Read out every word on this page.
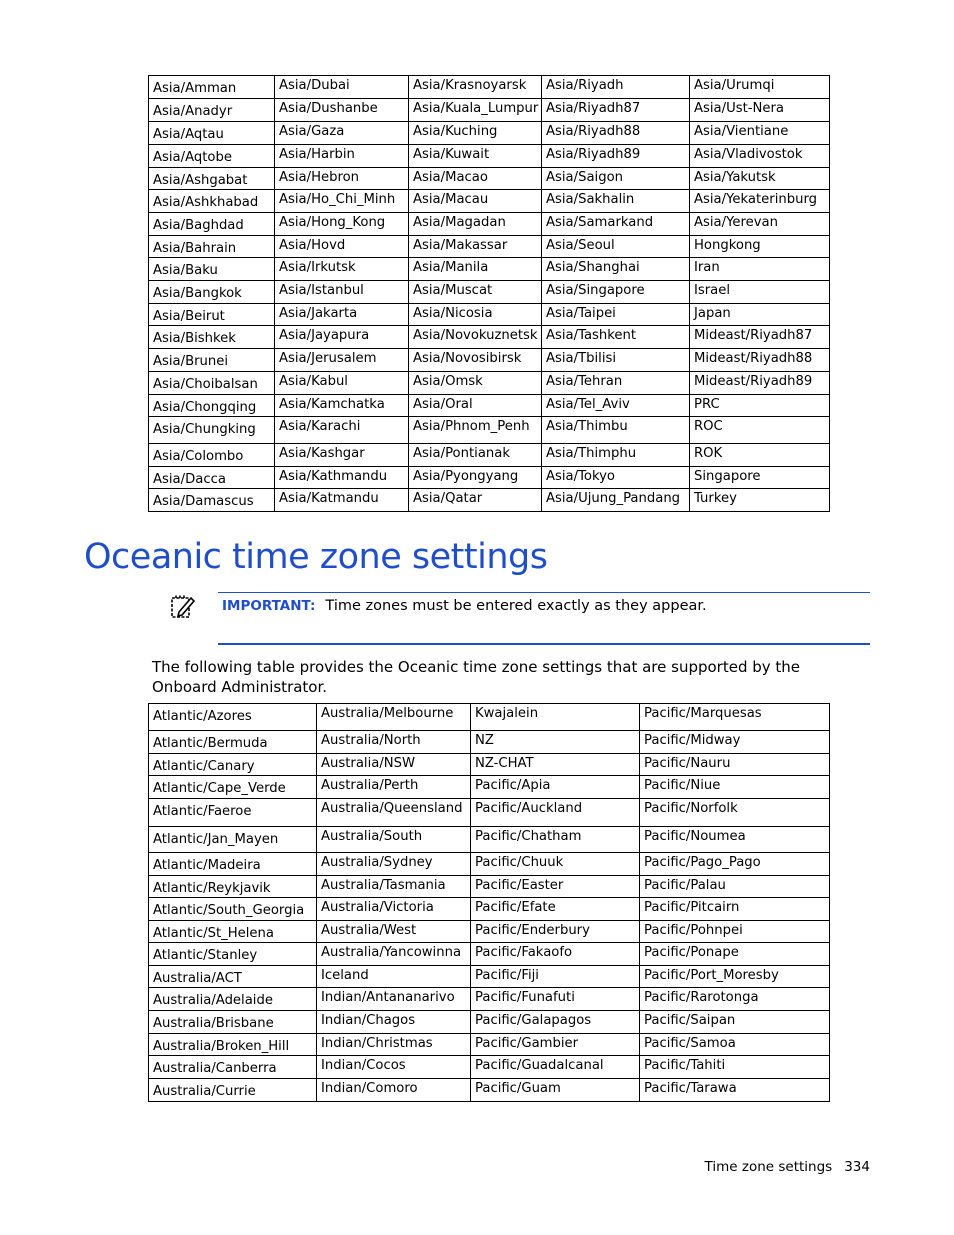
Asia/Amman	Asia/Dubai	Asia/Krasnoyarsk	Asia/Riyadh	Asia/Urumqi

Asia/Anadyr	Asia/Dushanbe	Asia/Kuala_Lumpur	Asia/Riyadh87	Asia/Ust-Nera

Asia/Aqtau	Asia/Gaza	Asia/Kuching	Asia/Riyadh88	Asia/Vientiane

Asia/Aqtobe	Asia/Harbin	Asia/Kuwait	Asia/Riyadh89	Asia/Vladivostok

Asia/Ashgabat	Asia/Hebron	Asia/Macao	Asia/Saigon	Asia/Yakutsk

Asia/Ashkhabad	Asia/Ho_Chi_Minh	Asia/Macau	Asia/Sakhalin	Asia/Yekaterinburg

Asia/Baghdad	Asia/Hong_Kong	Asia/Magadan	Asia/Samarkand	Asia/Yerevan

Asia/Bahrain	Asia/Hovd	Asia/Makassar	Asia/Seoul	Hongkong

Asia/Baku	Asia/Irkutsk	Asia/Manila	Asia/Shanghai	Iran

Asia/Bangkok	Asia/Istanbul	Asia/Muscat	Asia/Singapore	Israel

Asia/Beirut	Asia/Jakarta	Asia/Nicosia	Asia/Taipei	Japan

Asia/Bishkek	Asia/Jayapura	Asia/Novokuznetsk	Asia/Tashkent	Mideast/Riyadh87

Asia/Brunei	Asia/Jerusalem	Asia/Novosibirsk	Asia/Tbilisi	Mideast/Riyadh88

Asia/Choibalsan	Asia/Kabul	Asia/Omsk	Asia/Tehran	Mideast/Riyadh89

Asia/Chongqing	Asia/Kamchatka	Asia/Oral	Asia/Tel_Aviv	PRC

Asia/Chungking	Asia/Karachi	Asia/Phnom_Penh	Asia/Thimbu	ROC

Asia/Colombo	Asia/Kashgar	Asia/Pontianak	Asia/Thimphu	ROK

Asia/Dacca	Asia/Kathmandu	Asia/Pyongyang	Asia/Tokyo	Singapore

Asia/Damascus	Asia/Katmandu	Asia/Qatar	Asia/Ujung_Pandang	Turkey
Oceanic time zone settings
IMPORTANT: Time zones must be entered exactly as they appear.

The following table provides the Oceanic time zone settings that are supported by the Onboard Administrator.

Atlantic/Azores	Australia/Melbourne	Kwajalein	Pacific/Marquesas

Atlantic/Bermuda	Australia/North	NZ	Pacific/Midway

Atlantic/Canary	Australia/NSW	NZ-CHAT	Pacific/Nauru

Atlantic/Cape_Verde	Australia/Perth	Pacific/Apia	Pacific/Niue

Atlantic/Faeroe	Australia/Queensland	Pacific/Auckland	Pacific/Norfolk

Atlantic/Jan_Mayen	Australia/South	Pacific/Chatham	Pacific/Noumea

Atlantic/Madeira	Australia/Sydney	Pacific/Chuuk	Pacific/Pago_Pago

Atlantic/Reykjavik	Australia/Tasmania	Pacific/Easter	Pacific/Palau

Atlantic/South_Georgia	Australia/Victoria	Pacific/Efate	Pacific/Pitcairn

Atlantic/St_Helena	Australia/West	Pacific/Enderbury	Pacific/Pohnpei

Atlantic/Stanley	Australia/Yancowinna	Pacific/Fakaofo	Pacific/Ponape

Australia/ACT	Iceland	Pacific/Fiji	Pacific/Port_Moresby

Australia/Adelaide	Indian/Antananarivo	Pacific/Funafuti	Pacific/Rarotonga

Australia/Brisbane	Indian/Chagos	Pacific/Galapagos	Pacific/Saipan

Australia/Broken_Hill	Indian/Christmas	Pacific/Gambier	Pacific/Samoa

Australia/Canberra	Indian/Cocos	Pacific/Guadalcanal	Pacific/Tahiti

Australia/Currie	Indian/Comoro	Pacific/Guam	Pacific/Tarawa
Time zone settings 334
